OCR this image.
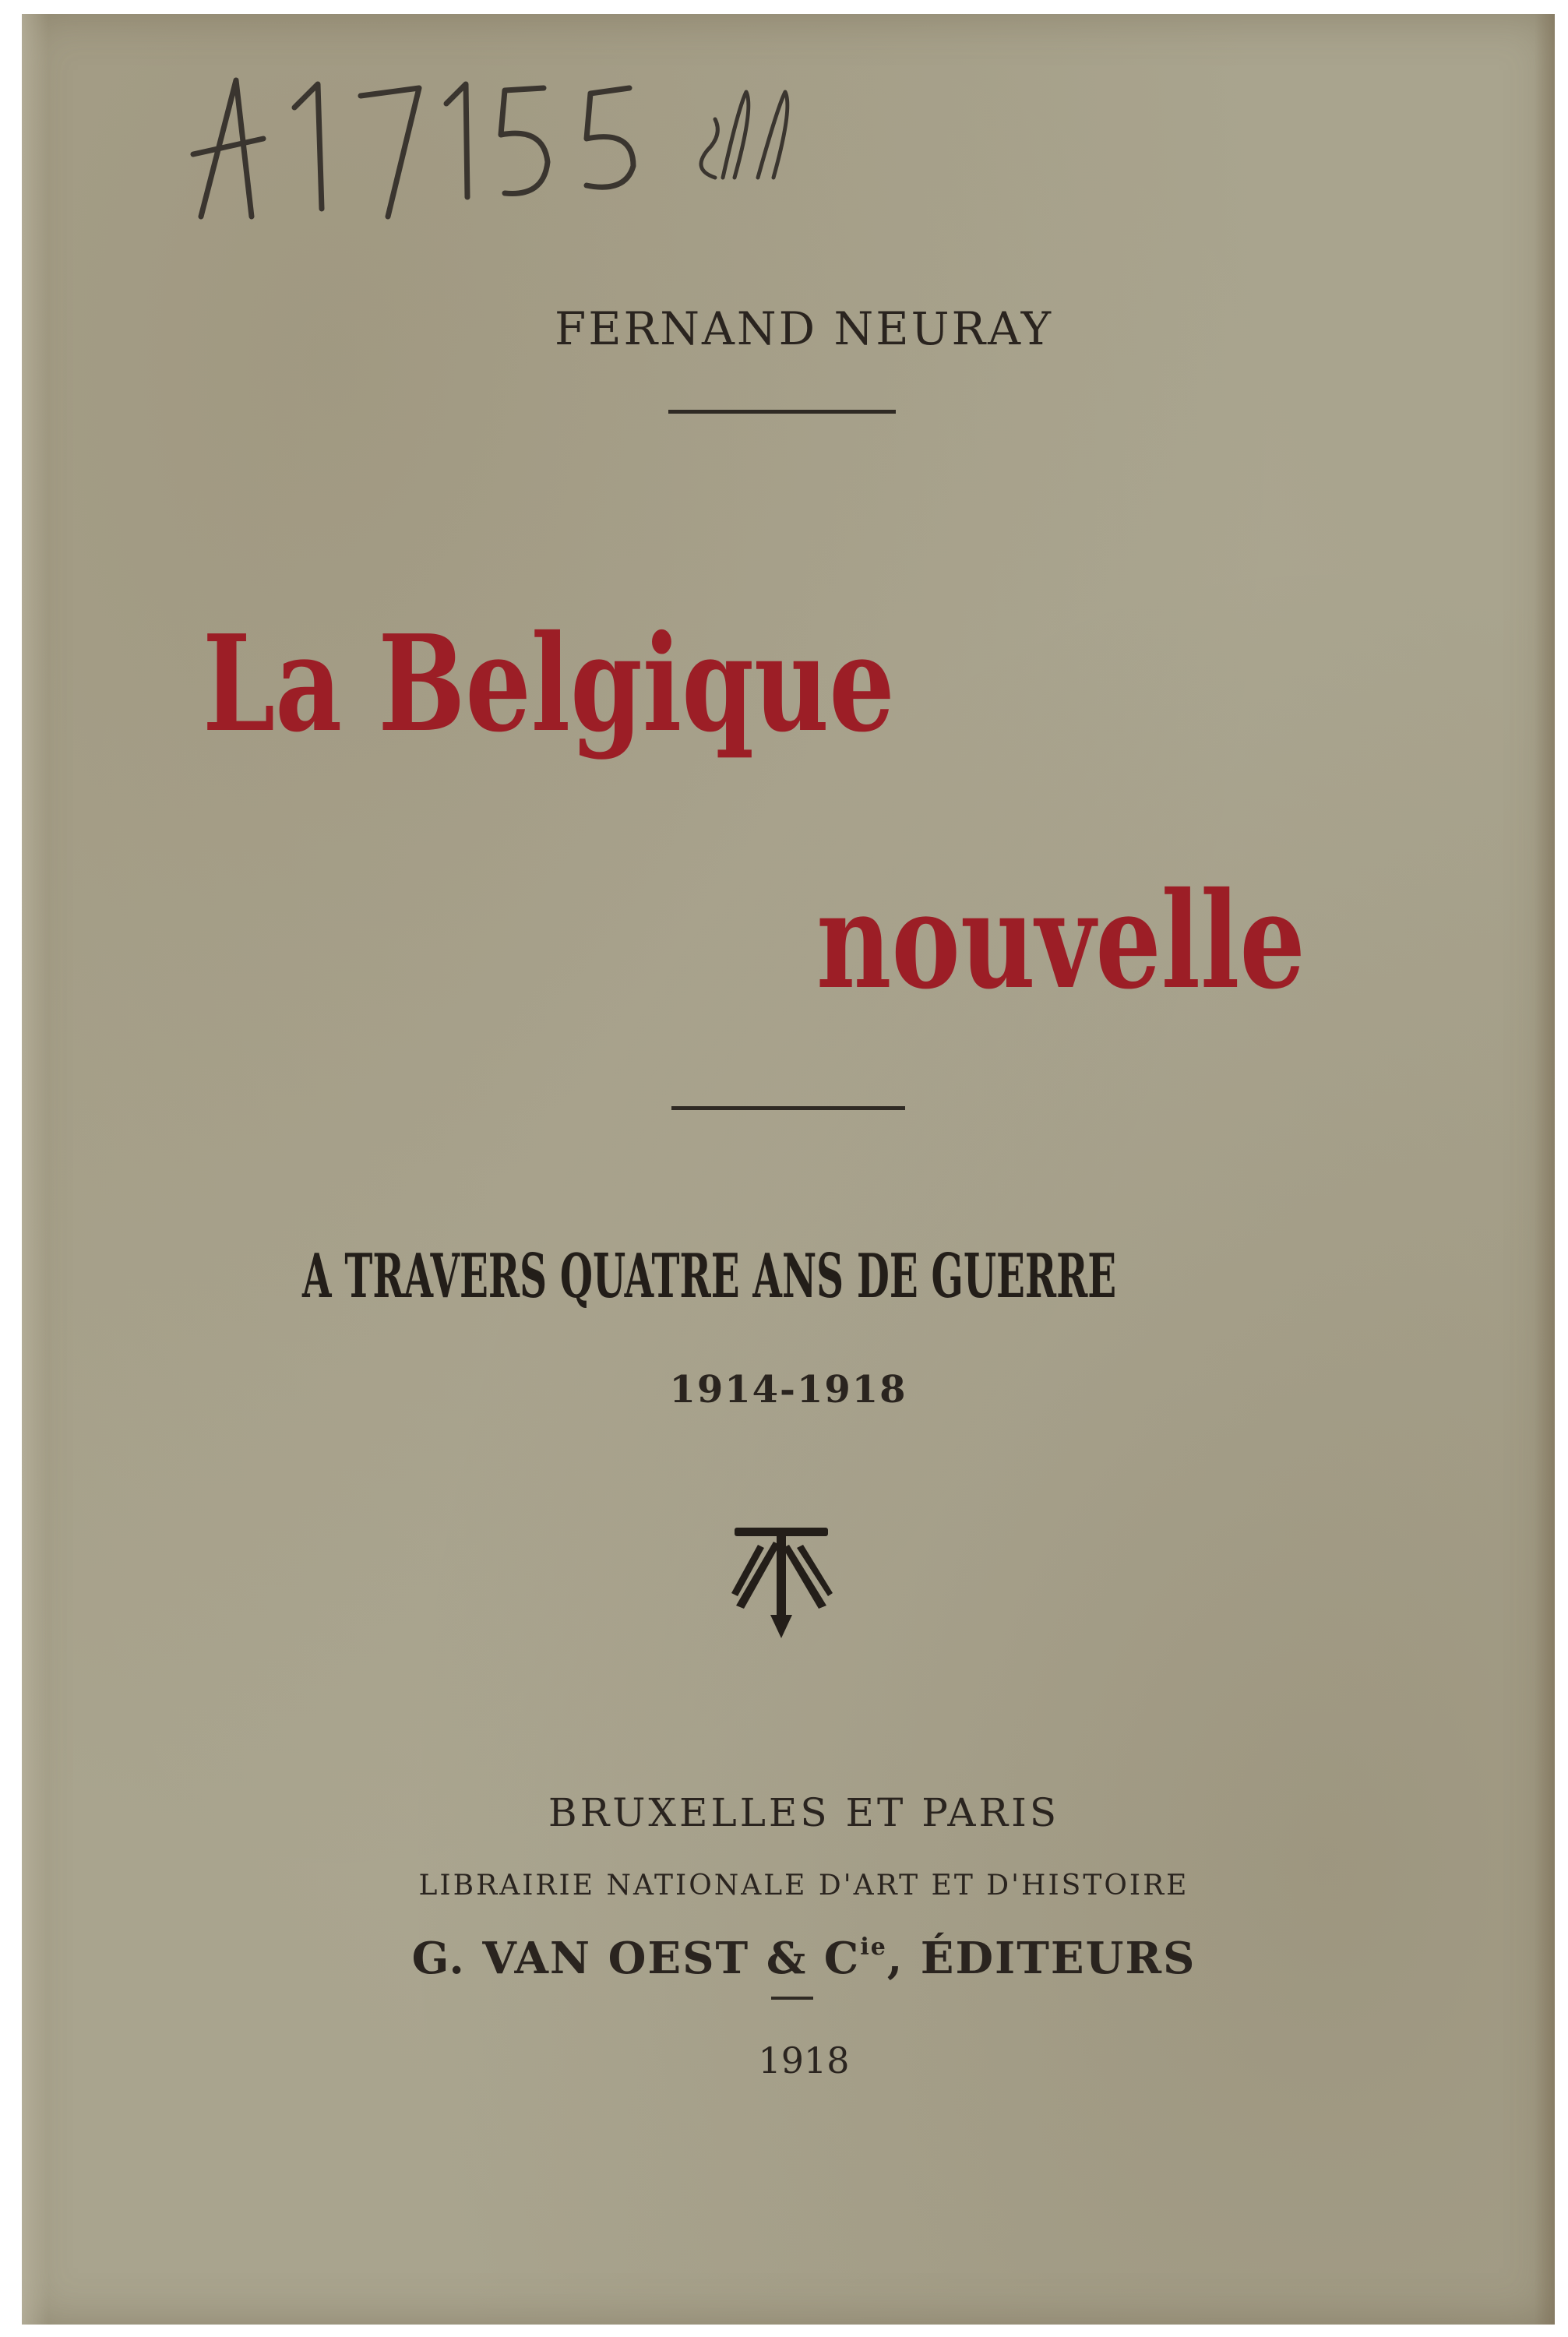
FERNAND NEURAY
La Belgique
nouvelle
A TRAVERS QUATRE ANS DE GUERRE
1914-1918
BRUXELLES ET PARIS
LIBRAIRIE NATIONALE D'ART ET D'HISTOIRE
G. VAN OEST & $C^{ie}$, ÉDITEURS
1918
